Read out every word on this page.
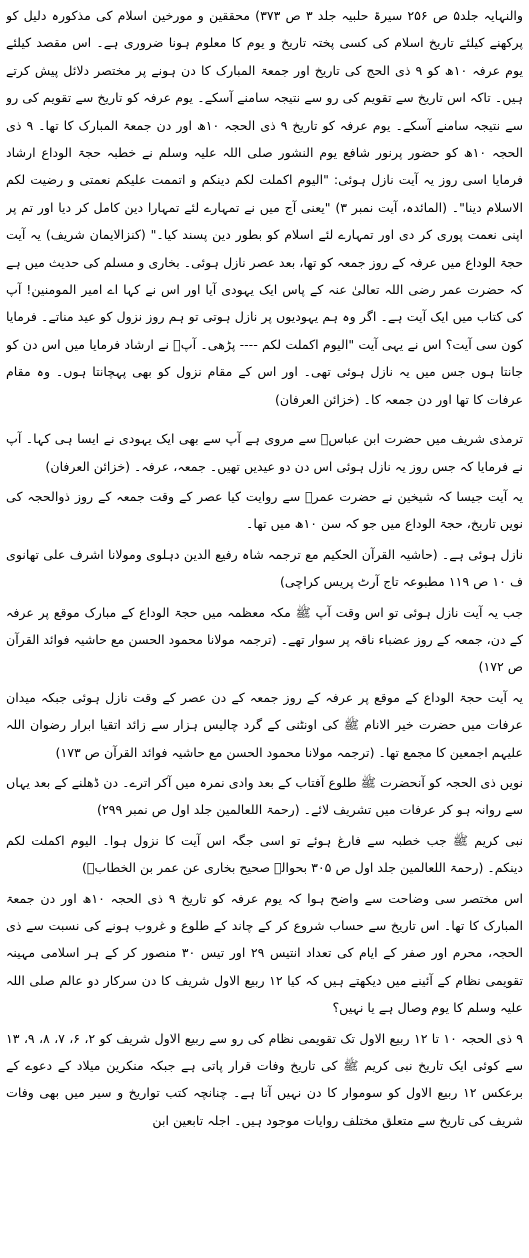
والنہایہ جلد۵ ص ۲۵۶ سیرۃ حلبیہ جلد ۳ ص ۳۷۳) محققین و مورخین اسلام کی مذکورہ دلیل کو پرکھنے کیلئے تاریخ اسلام کی کسی پختہ تاریخ و یوم کا معلوم ہونا ضروری ہے۔ اس مقصد کیلئے یوم عرفہ ۱۰ھ کو ۹ ذی الحج کی تاریخ اور جمعۃ المبارک کا دن ہونے پر مختصر دلائل پیش کرتے ہیں۔ تاکہ اس تاریخ سے تقویم کی رو سے نتیجہ سامنے آسکے۔ یوم عرفہ کو تاریخ سے تقویم کی رو سے نتیجہ سامنے آسکے۔ یوم عرفہ کو تاریخ ۹ ذی الحجہ ۱۰ھ اور دن جمعۃ المبارک کا تھا۔ ۹ ذی الحجہ ۱۰ھ کو حضور پرنور شافع یوم النشور صلی اللہ علیہ وسلم نے خطبہ حجۃ الوداع ارشاد فرمایا اسی روز یہ آیت نازل ہوئی: "الیوم اکملت لکم دینکم و اتممت علیکم نعمتی و رضیت لکم الاسلام دینا"۔ (المائدہ، آیت نمبر ۳) "یعنی آج میں نے تمہارے لئے تمہارا دین کامل کر دیا اور تم پر اپنی نعمت پوری کر دی اور تمہارے لئے اسلام کو بطور دین پسند کیا۔" (کنزالایمان شریف) یہ آیت حجۃ الوداع میں عرفہ کے روز جمعہ کو تھا، بعد عصر نازل ہوئی۔ بخاری و مسلم کی حدیث میں ہے کہ حضرت عمر رضی اللہ تعالیٰ عنہ کے پاس ایک یہودی آیا اور اس نے کہا اے امیر المومنین! آپ کی کتاب میں ایک آیت ہے۔ اگر وہ ہم یہودیوں پر نازل ہوتی تو ہم روز نزول کو عید مناتے۔ فرمایا کون سی آیت؟ اس نے یہی آیت "الیوم اکملت لکم ---- پڑھی۔ آپؓ نے ارشاد فرمایا میں اس دن کو جانتا ہوں جس میں یہ نازل ہوئی تھی۔ اور اس کے مقام نزول کو بھی پہچانتا ہوں۔ وہ مقام عرفات کا تھا اور دن جمعہ کا۔ (خزائن العرفان)

ترمذی شریف میں حضرت ابن عباسؓ سے مروی ہے آپ سے بھی ایک یہودی نے ایسا ہی کہا۔ آپ نے فرمایا کہ جس روز یہ نازل ہوئی اس دن دو عیدیں تھیں۔ جمعہ، عرفہ۔ (خزائن العرفان)

یہ آیت جیسا کہ شیخین نے حضرت عمرؓ سے روایت کیا عصر کے وقت جمعہ کے روز ذوالحجہ کی نویں تاریخ، حجۃ الوداع میں جو کہ سن ۱۰ھ میں تھا۔

نازل ہوئی ہے۔ (حاشیہ القرآن الحکیم مع ترجمہ شاہ رفیع الدین دہلوی ومولانا اشرف علی تھانوی ف ۱۰ ص ۱۱۹ مطبوعہ تاج آرٹ پریس کراچی)

جب یہ آیت نازل ہوئی تو اس وقت آپ ﷺ مکہ معظمہ میں حجۃ الوداع کے مبارک موقع پر عرفہ کے دن، جمعہ کے روز عضباء ناقہ پر سوار تھے۔ (ترجمہ مولانا محمود الحسن مع حاشیہ فوائد القرآن ص ۱۷۲)

یہ آیت حجۃ الوداع کے موقع پر عرفہ کے روز جمعہ کے دن عصر کے وقت نازل ہوئی جبکہ میدان عرفات میں حضرت خیر الانام ﷺ کی اونٹنی کے گرد چالیس ہزار سے زائد اتقیا ابرار رضوان اللہ علیہم اجمعین کا مجمع تھا۔ (ترجمہ مولانا محمود الحسن مع حاشیہ فوائد القرآن ص ۱۷۳)

نویں ذی الحجہ کو آنحضرت ﷺ طلوع آفتاب کے بعد وادی نمرہ میں آکر اترے۔ دن ڈھلنے کے بعد یہاں سے روانہ ہو کر عرفات میں تشریف لائے۔ (رحمۃ اللعالمین جلد اول ص نمبر ۲۹۹)

نبی کریم ﷺ جب خطبہ سے فارغ ہوئے تو اسی جگہ اس آیت کا نزول ہوا۔ الیوم اکملت لکم دینکم۔ (رحمۃ اللعالمین جلد اول ص ۳۰۵ بحوالہ صحیح بخاری عن عمر بن الخطابؓ)

اس مختصر سی وضاحت سے واضح ہوا کہ یوم عرفہ کو تاریخ ۹ ذی الحجہ ۱۰ھ اور دن جمعۃ المبارک کا تھا۔ اس تاریخ سے حساب شروع کر کے چاند کے طلوع و غروب ہونے کی نسبت سے ذی الحجہ، محرم اور صفر کے ایام کی تعداد انتیس ۲۹ اور تیس ۳۰ منصور کر کے ہر اسلامی مہینہ تقویمی نظام کے آئینے میں دیکھتے ہیں کہ کیا ۱۲ ربیع الاول شریف کا دن سرکار دو عالم صلی اللہ علیہ وسلم کا یوم وصال ہے یا نہیں؟

۹ ذی الحجہ ۱۰ تا ۱۲ ربیع الاول تک تقویمی نظام کی رو سے ربیع الاول شریف کو ۲، ۶، ۷، ۸، ۹، ۱۳ سے کوئی ایک تاریخ نبی کریم ﷺ کی تاریخ وفات قرار پاتی ہے جبکہ منکرین میلاد کے دعوے کے برعکس ۱۲ ربیع الاول کو سوموار کا دن نہیں آتا ہے۔ چنانچہ کتب تواریخ و سیر میں بھی وفات شریف کی تاریخ سے متعلق مختلف روایات موجود ہیں۔ اجلہ تابعین ابن
